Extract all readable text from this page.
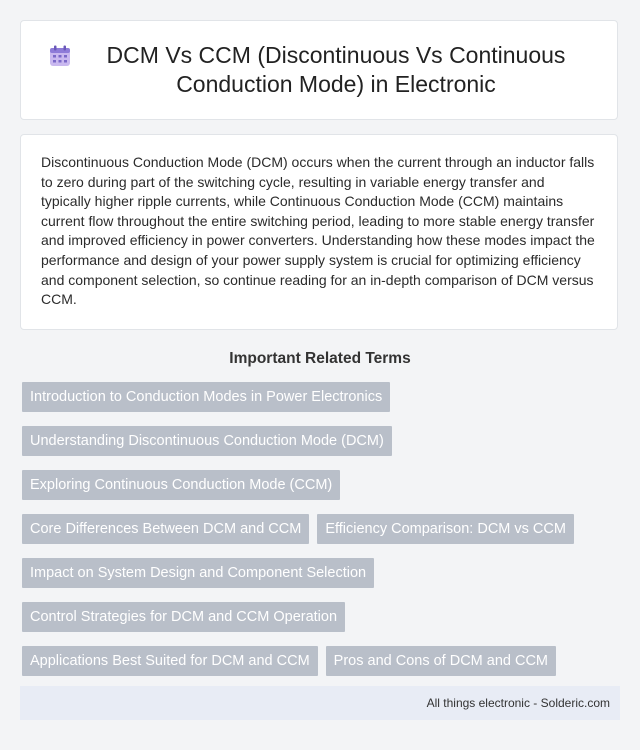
DCM Vs CCM (Discontinuous Vs Continuous Conduction Mode) in Electronic

Discontinuous Conduction Mode (DCM) occurs when the current through an inductor falls to zero during part of the switching cycle, resulting in variable energy transfer and typically higher ripple currents, while Continuous Conduction Mode (CCM) maintains current flow throughout the entire switching period, leading to more stable energy transfer and improved efficiency in power converters. Understanding how these modes impact the performance and design of your power supply system is crucial for optimizing efficiency and component selection, so continue reading for an in-depth comparison of DCM versus CCM.

Important Related Terms
Introduction to Conduction Modes in Power Electronics
Understanding Discontinuous Conduction Mode (DCM)
Exploring Continuous Conduction Mode (CCM)
Core Differences Between DCM and CCM	Efficiency Comparison: DCM vs CCM
Impact on System Design and Component Selection
Control Strategies for DCM and CCM Operation
Applications Best Suited for DCM and CCM	Pros and Cons of DCM and CCM
All things electronic - Solderic.com
